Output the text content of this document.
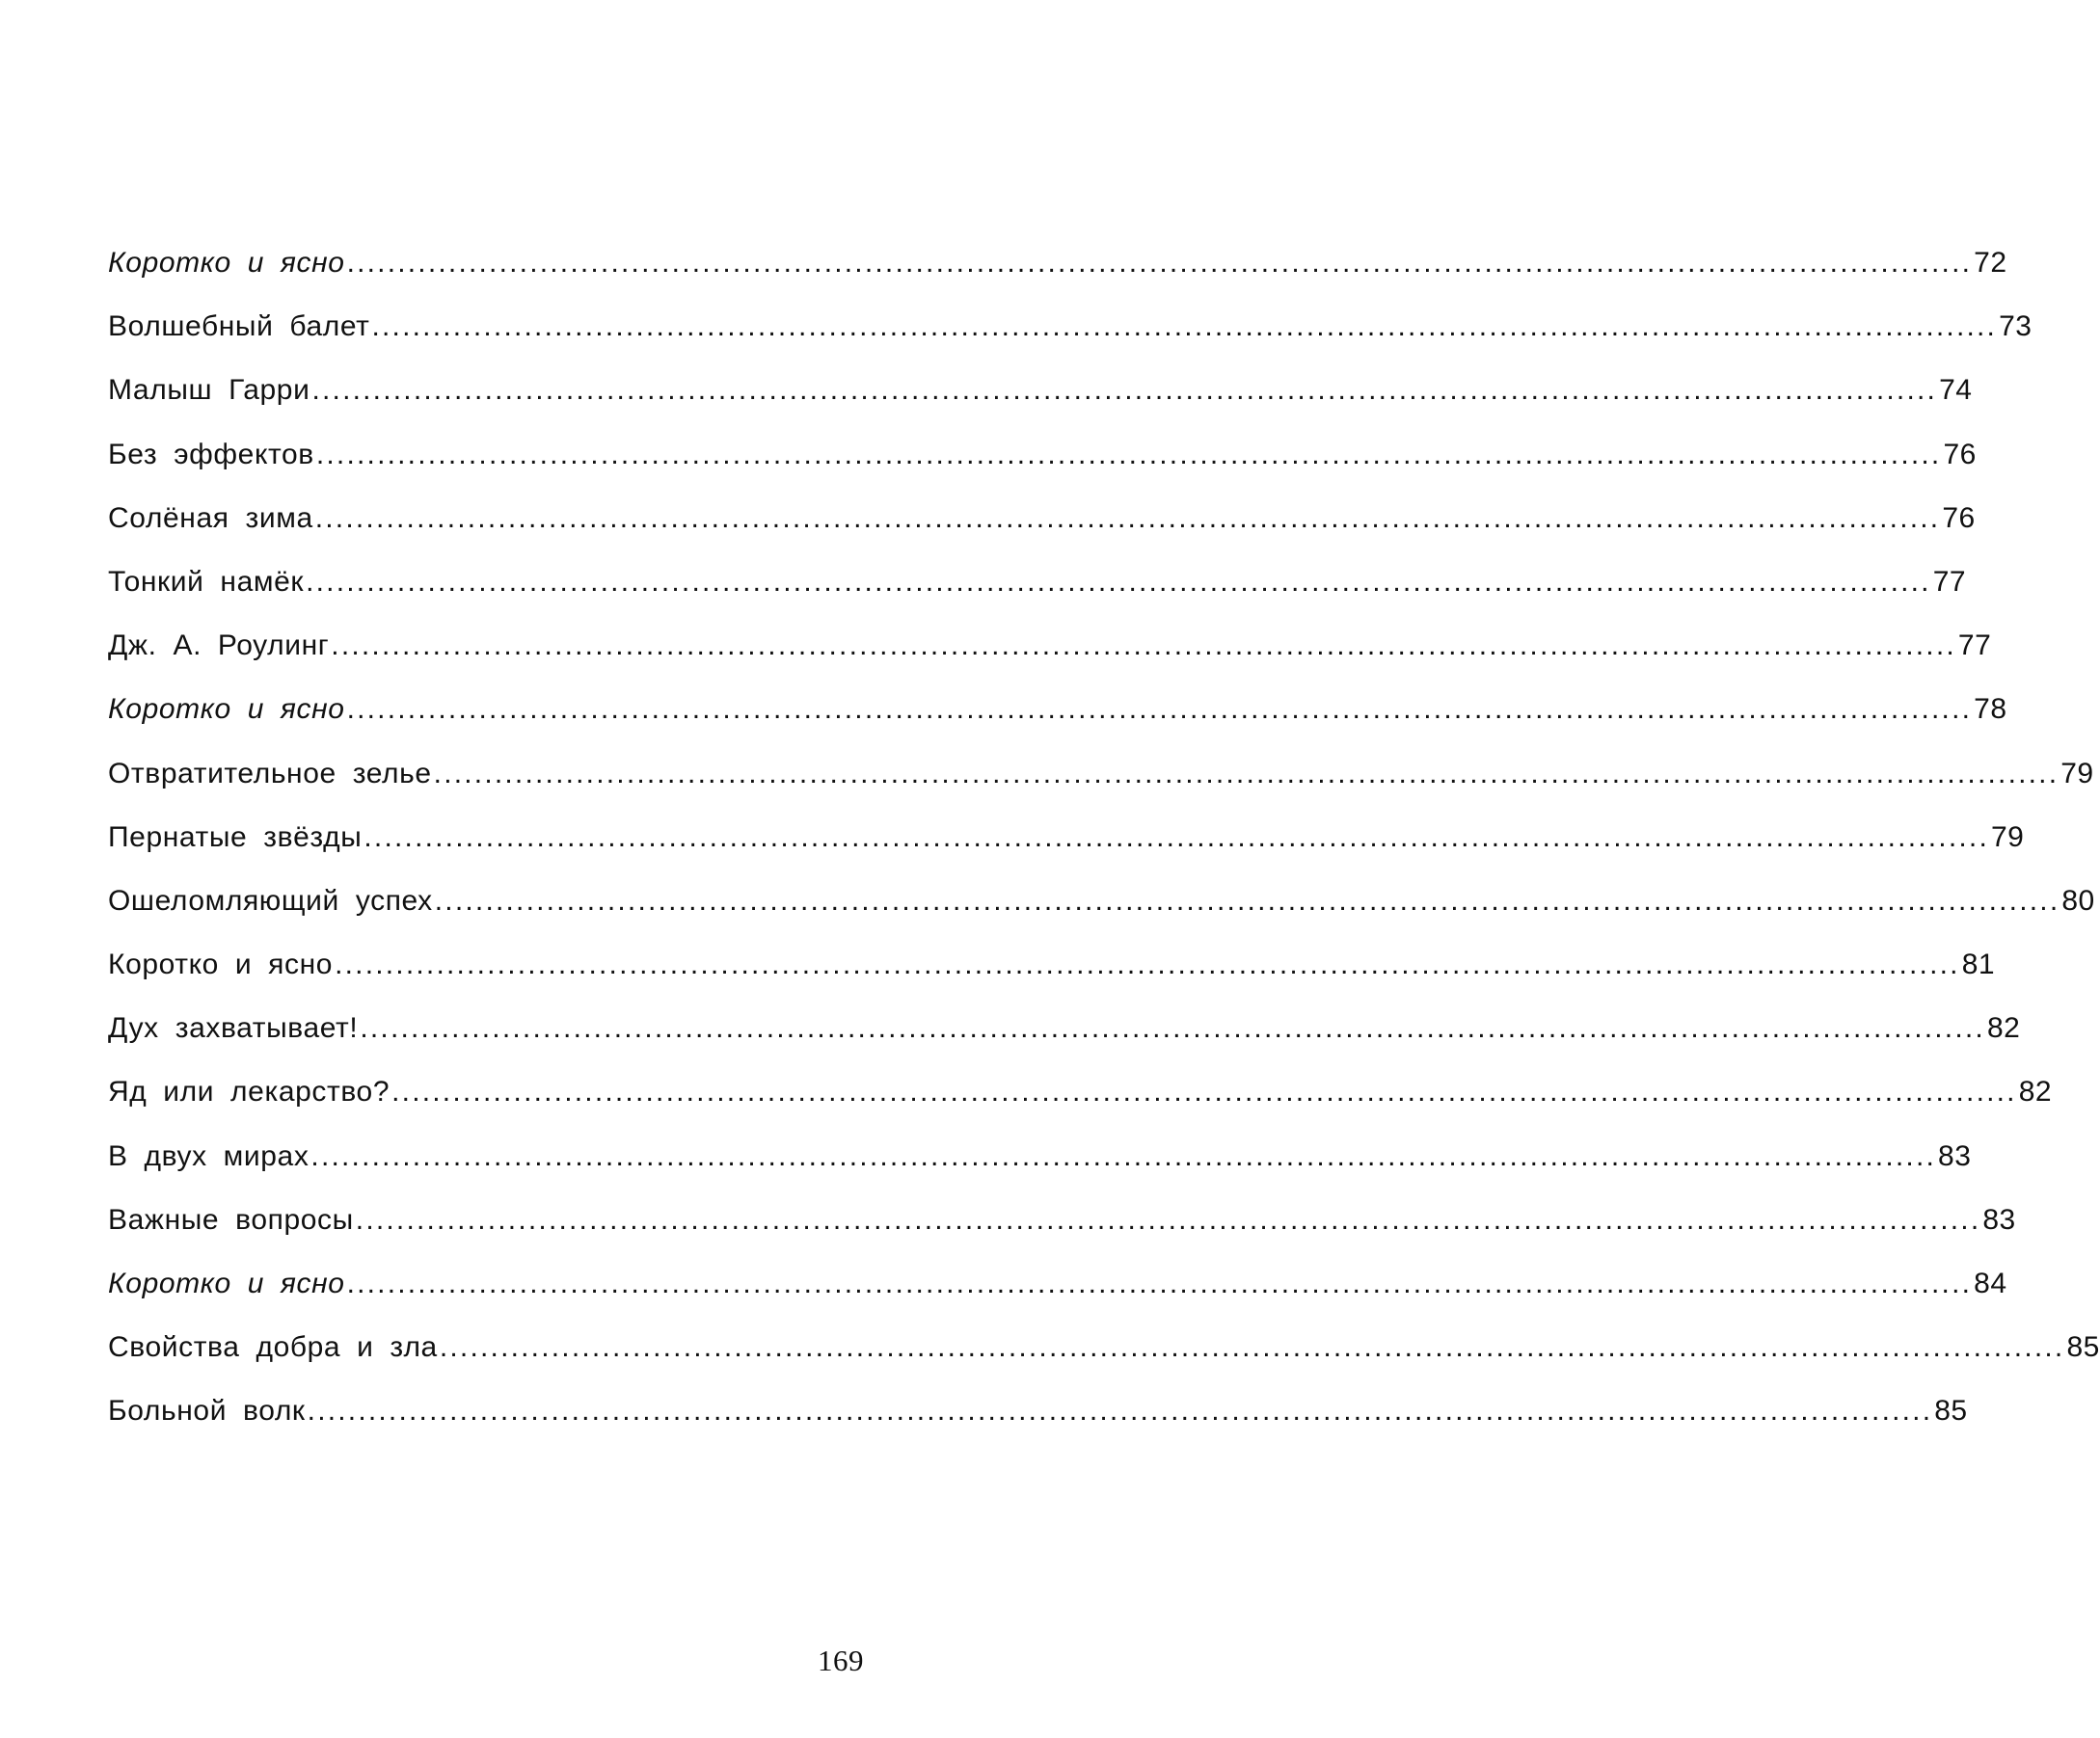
Коротко и ясно ................................................................................................................................................................ 72
Волшебный балет ................................................................................................................................................................ 73
Малыш Гарри ................................................................................................................................................................ 74
Без эффектов ................................................................................................................................................................ 76
Солёная зима ................................................................................................................................................................ 76
Тонкий намёк ................................................................................................................................................................ 77
Дж. А. Роулинг ................................................................................................................................................................ 77
Коротко и ясно ................................................................................................................................................................ 78
Отвратительное зелье ................................................................................................................................................................ 79
Пернатые звёзды ................................................................................................................................................................ 79
Ошеломляющий успех ................................................................................................................................................................ 80
Коротко и ясно ................................................................................................................................................................ 81
Дух захватывает! ................................................................................................................................................................ 82
Яд или лекарство? ................................................................................................................................................................ 82
В двух мирах ................................................................................................................................................................ 83
Важные вопросы ................................................................................................................................................................ 83
Коротко и ясно ................................................................................................................................................................ 84
Свойства добра и зла ................................................................................................................................................................ 85
Больной волк ................................................................................................................................................................ 85
169
